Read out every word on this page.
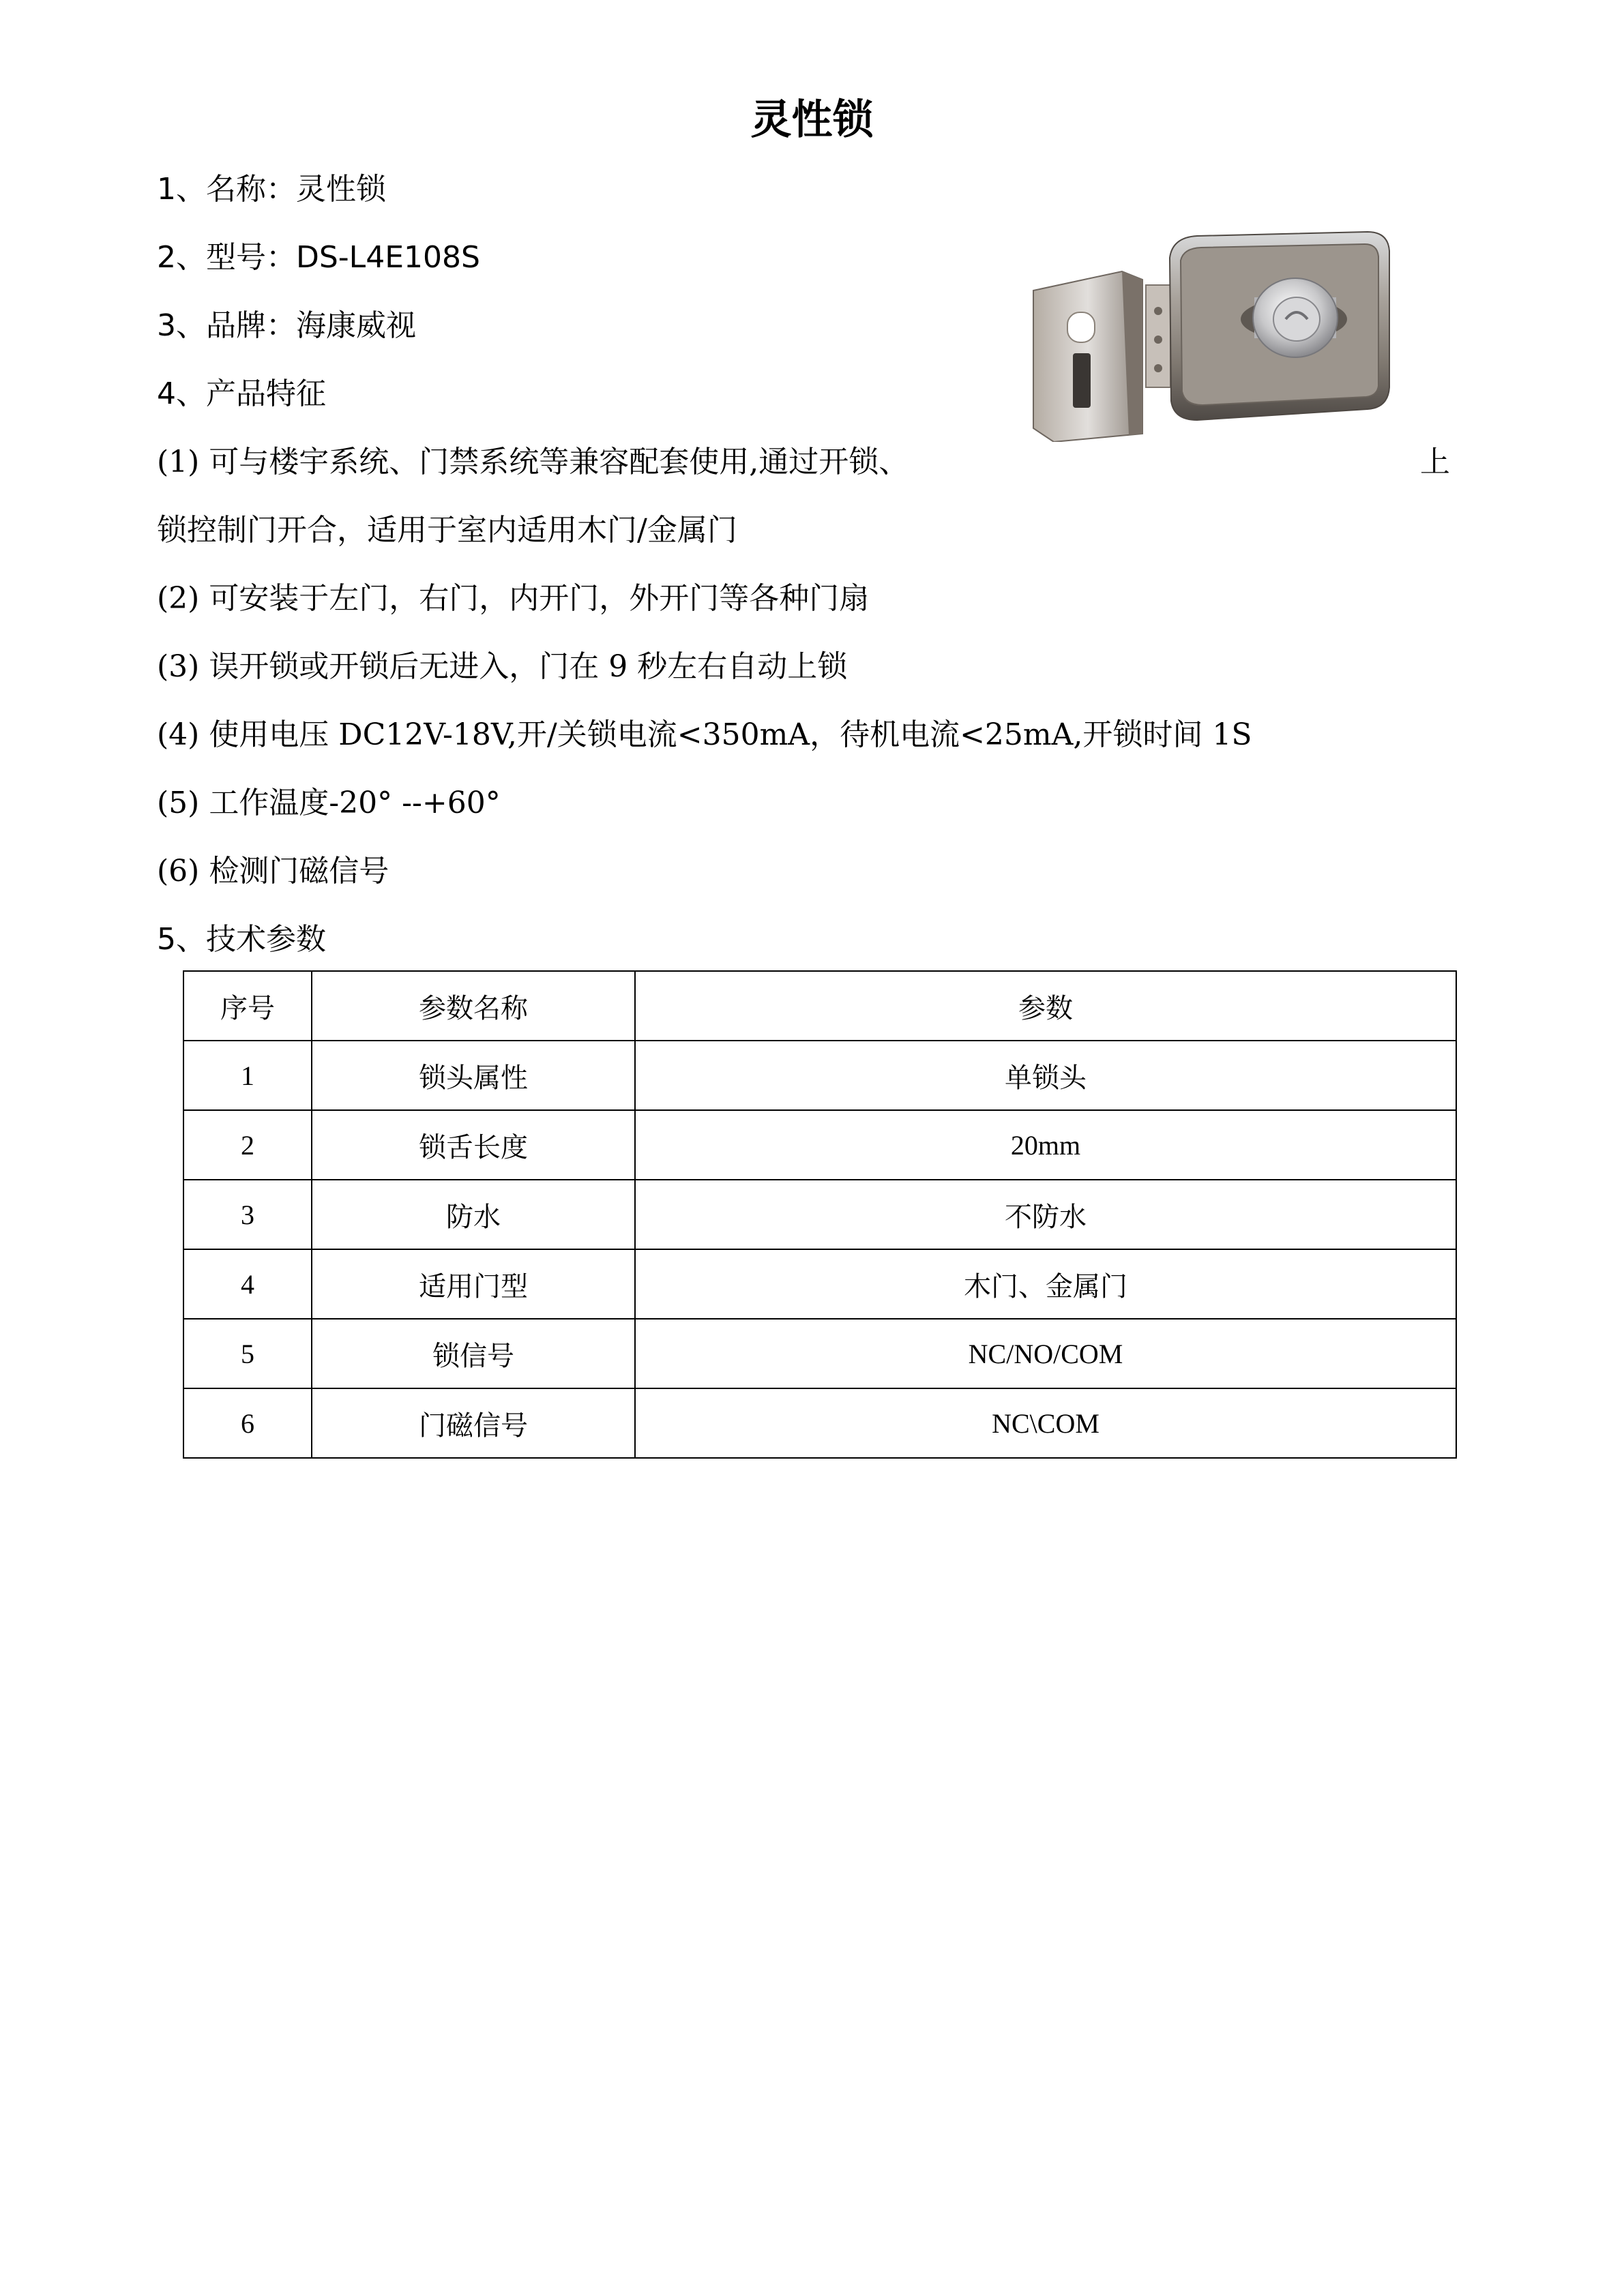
灵性锁
1、名称：灵性锁
2、型号：DS-L4E108S
3、品牌：海康威视
4、产品特征
(1) 可与楼宇系统、门禁系统等兼容配套使用,通过开锁、	上
锁控制门开合，适用于室内适用木门/金属门
(2) 可安装于左门，右门，内开门，外开门等各种门扇
(3) 误开锁或开锁后无进入，门在 9 秒左右自动上锁
(4) 使用电压 DC12V-18V,开/关锁电流<350mA，待机电流<25mA,开锁时间 1S
(5) 工作温度-20° --+60°
(6) 检测门磁信号
5、技术参数
序号	参数名称	参数
1	锁头属性	单锁头
2	锁舌长度	20mm
3	防水	不防水
4	适用门型	木门、金属门
5	锁信号	NC/NO/COM
6	门磁信号	NC\COM
